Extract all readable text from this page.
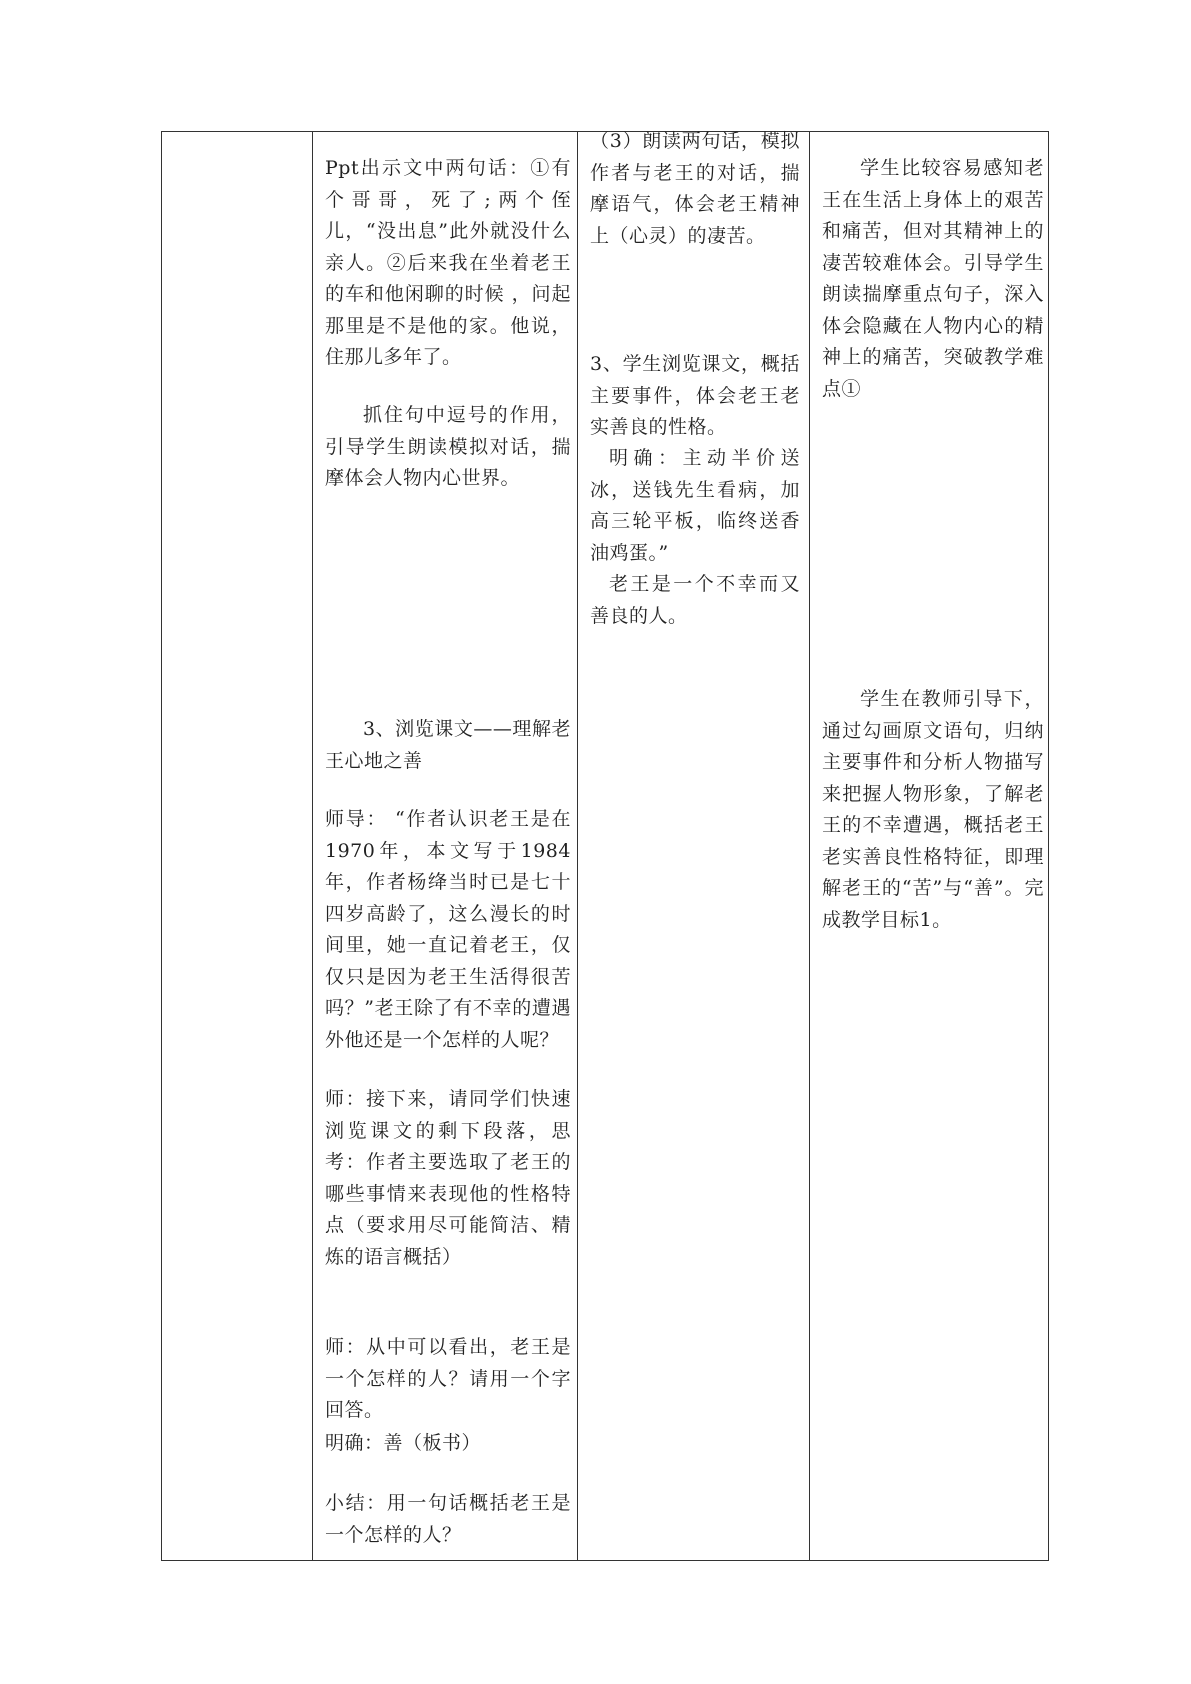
Ppt出示文中两句话：①有个哥哥，死了;两个侄儿，“没出息”此外就没什么亲人。②后来我在坐着老王的车和他闲聊的时候 ，问起那里是不是他的家。他说，住那儿多年了。

抓住句中逗号的作用，引导学生朗读模拟对话，揣摩体会人物内心世界。

3、浏览课文——理解老王心地之善

师导： “作者认识老王是在1970年，本文写于1984年，作者杨绛当时已是七十四岁高龄了，这么漫长的时间里，她一直记着老王，仅仅只是因为老王生活得很苦吗？”老王除了有不幸的遭遇外他还是一个怎样的人呢？

师：接下来，请同学们快速浏览课文的剩下段落，思考：作者主要选取了老王的哪些事情来表现他的性格特点（要求用尽可能简洁、精炼的语言概括）

师：从中可以看出，老王是一个怎样的人？请用一个字回答。

明确：善（板书）

小结：用一句话概括老王是一个怎样的人？

（3）朗读两句话，模拟作者与老王的对话，揣摩语气，体会老王精神上（心灵）的凄苦。

3、学生浏览课文，概括主要事件，体会老王老实善良的性格。

明确：主动半价送冰，送钱先生看病，加高三轮平板，临终送香油鸡蛋。”

老王是一个不幸而又善良的人。

学生比较容易感知老王在生活上身体上的艰苦和痛苦，但对其精神上的凄苦较难体会。引导学生朗读揣摩重点句子，深入体会隐藏在人物内心的精神上的痛苦，突破教学难点①

学生在教师引导下，通过勾画原文语句，归纳主要事件和分析人物描写来把握人物形象，了解老王的不幸遭遇，概括老王老实善良性格特征，即理解老王的“苦”与“善”。完成教学目标1。
